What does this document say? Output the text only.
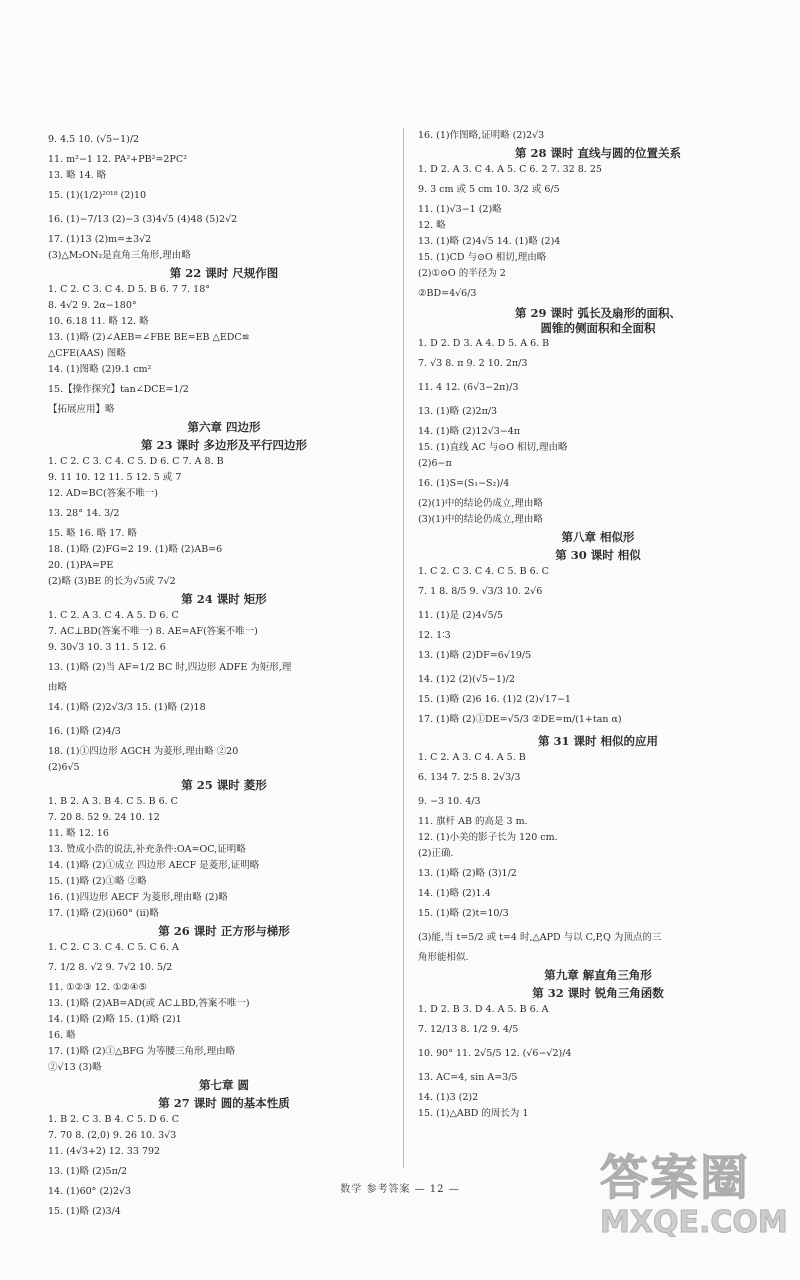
9. 4.5 10. (√5−1)/2
11. m²−1 12. PA²+PB²=2PC²
13. 略 14. 略
15. (1)(1/2)²⁰¹⁸ (2)10
16. (1)−7/13 (2)−3 (3)4√5 (4)48 (5)2√2
17. (1)13 (2)m=±3√2
(3)△M₂ON₂是直角三角形,理由略
第 22 课时 尺规作图
1. C 2. C 3. C 4. D 5. B 6. 7 7. 18°
8. 4√2 9. 2α−180°
10. 6.18 11. 略 12. 略
13. (1)略 (2)∠AEB=∠FBE BE=EB △EDC≌
△CFE(AAS) 图略
14. (1)图略 (2)9.1 cm²
15.【操作探究】tan∠DCE=1/2
【拓展应用】略
第六章 四边形
第 23 课时 多边形及平行四边形
1. C 2. C 3. C 4. C 5. D 6. C 7. A 8. B
9. 11 10. 12 11. 5 12. 5 或 7
12. AD=BC(答案不唯一)
13. 28° 14. 3/2
15. 略 16. 略 17. 略
18. (1)略 (2)FG=2 19. (1)略 (2)AB=6
20. (1)PA=PE
(2)略 (3)BE 的长为√5或 7√2
第 24 课时 矩形
1. C 2. A 3. C 4. A 5. D 6. C
7. AC⊥BD(答案不唯一) 8. AE=AF(答案不唯一)
9. 30√3 10. 3 11. 5 12. 6
13. (1)略 (2)当 AF=1/2 BC 时,四边形 ADFE 为矩形,理
由略
14. (1)略 (2)2√3/3 15. (1)略 (2)18
16. (1)略 (2)4/3
18. (1)①四边形 AGCH 为菱形,理由略 ②20
(2)6√5
第 25 课时 菱形
1. B 2. A 3. B 4. C 5. B 6. C
7. 20 8. 52 9. 24 10. 12
11. 略 12. 16
13. 赞成小浩的说法,补充条件:OA=OC,证明略
14. (1)略 (2)①成立 四边形 AECF 是菱形,证明略
15. (1)略 (2)①略 ②略
16. (1)四边形 AECF 为菱形,理由略 (2)略
17. (1)略 (2)(ⅰ)60° (ⅱ)略
第 26 课时 正方形与梯形
1. C 2. C 3. C 4. C 5. C 6. A
7. 1/2 8. √2 9. 7√2 10. 5/2
11. ①②③ 12. ①②④⑤
13. (1)略 (2)AB=AD(或 AC⊥BD,答案不唯一)
14. (1)略 (2)略 15. (1)略 (2)1
16. 略
17. (1)略 (2)①△BFG 为等腰三角形,理由略
②√13 (3)略
第七章 圆
第 27 课时 圆的基本性质
1. B 2. C 3. B 4. C 5. D 6. C
7. 70 8. (2,0) 9. 26 10. 3√3
11. (4√3+2) 12. 33 792
13. (1)略 (2)5π/2
14. (1)60° (2)2√3
15. (1)略 (2)3/4
16. (1)作图略,证明略 (2)2√3
第 28 课时 直线与圆的位置关系
1. D 2. A 3. C 4. A 5. C 6. 2 7. 32 8. 25
9. 3 cm 或 5 cm 10. 3/2 或 6/5
11. (1)√3−1 (2)略
12. 略
13. (1)略 (2)4√5 14. (1)略 (2)4
15. (1)CD 与⊙O 相切,理由略
(2)①⊙O 的半径为 2
②BD=4√6/3
第 29 课时 弧长及扇形的面积、
圆锥的侧面积和全面积
1. D 2. D 3. A 4. D 5. A 6. B
7. √3 8. π 9. 2 10. 2π/3
11. 4 12. (6√3−2π)/3
13. (1)略 (2)2π/3
14. (1)略 (2)12√3−4π
15. (1)直线 AC 与⊙O 相切,理由略
(2)6−π
16. (1)S=(S₁−S₂)/4
(2)(1)中的结论仍成立,理由略
(3)(1)中的结论仍成立,理由略
第八章 相似形
第 30 课时 相似
1. C 2. C 3. C 4. C 5. B 6. C
7. 1 8. 8/5 9. √3/3 10. 2√6
11. (1)是 (2)4√5/5
12. 1∶3
13. (1)略 (2)DF=6√19/5
14. (1)2 (2)(√5−1)/2
15. (1)略 (2)6 16. (1)2 (2)√17−1
17. (1)略 (2)①DE=√5/3 ②DE=m/(1+tan α)
第 31 课时 相似的应用
1. C 2. A 3. C 4. A 5. B
6. 134 7. 2∶5 8. 2√3/3
9. −3 10. 4/3
11. 旗杆 AB 的高是 3 m.
12. (1)小美的影子长为 120 cm.
(2)正确.
13. (1)略 (2)略 (3)1/2
14. (1)略 (2)1.4
15. (1)略 (2)t=10/3
(3)能,当 t=5/2 或 t=4 时,△APD 与以 C,P,Q 为顶点的三
角形能相似.
第九章 解直角三角形
第 32 课时 锐角三角函数
1. D 2. B 3. D 4. A 5. B 6. A
7. 12/13 8. 1/2 9. 4/5
10. 90° 11. 2√5/5 12. (√6−√2)/4
13. AC=4, sin A=3/5
14. (1)3 (2)2
15. (1)△ABD 的周长为 1
数学 参考答案 — 12 —	答案圈
MXQE.COM
